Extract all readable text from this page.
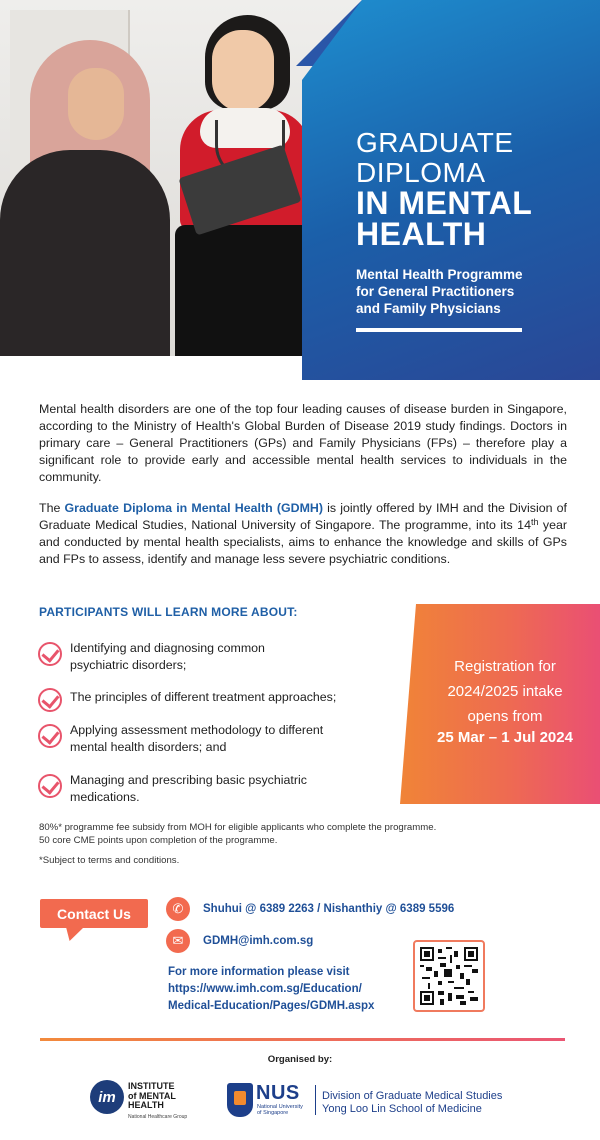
GRADUATE
DIPLOMA
IN MENTAL
HEALTH
Mental Health Programme
for General Practitioners
and Family Physicians

Mental health disorders are one of the top four leading causes of disease burden in Singapore, according to the Ministry of Health's Global Burden of Disease 2019 study findings. Doctors in primary care – General Practitioners (GPs) and Family Physicians (FPs) – therefore play a significant role to provide early and accessible mental health services to individuals in the community.

The Graduate Diploma in Mental Health (GDMH) is jointly offered by IMH and the Division of Graduate Medical Studies, National University of Singapore. The programme, into its 14th year and conducted by mental health specialists, aims to enhance the knowledge and skills of GPs and FPs to assess, identify and manage less severe psychiatric conditions.

PARTICIPANTS WILL LEARN MORE ABOUT:
Identifying and diagnosing common
psychiatric disorders;
The principles of different treatment approaches;
Applying assessment methodology to different
mental health disorders; and
Managing and prescribing basic psychiatric
medications.
Registration for
2024/2025 intake
opens from
25 Mar – 1 Jul 2024
80%* programme fee subsidy from MOH for eligible applicants who complete the programme.
50 core CME points upon completion of the programme.
*Subject to terms and conditions.
Contact Us	✆	Shuhui @ 6389 2263 / Nishanthiy @ 6389 5596
✉	GDMH@imh.com.sg
For more information please visit
https://www.imh.com.sg/Education/
Medical-Education/Pages/GDMH.aspx
Organised by:
im
INSTITUTE
of MENTAL
HEALTH
National Healthcare Group
NUS
National University
of Singapore
Division of Graduate Medical Studies
Yong Loo Lin School of Medicine
